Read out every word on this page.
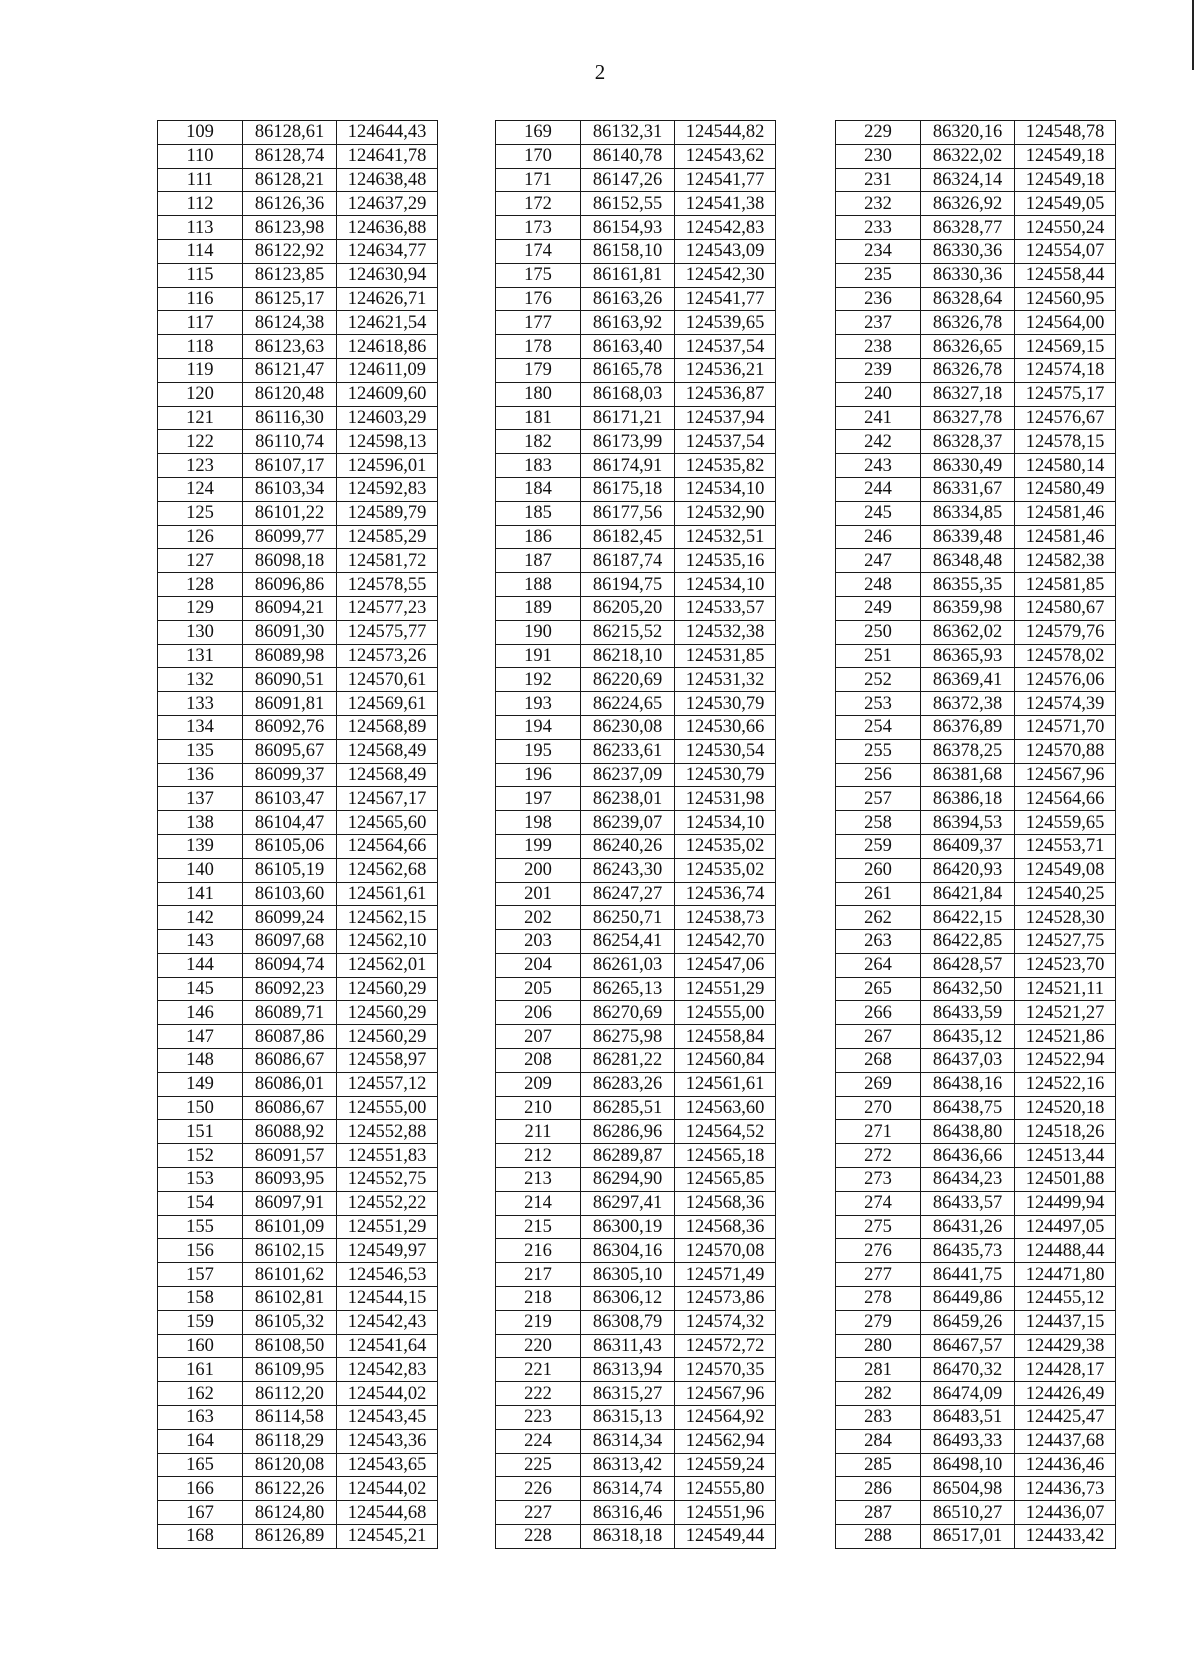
2
109	86128,61	124644,43
110	86128,74	124641,78
111	86128,21	124638,48
112	86126,36	124637,29
113	86123,98	124636,88
114	86122,92	124634,77
115	86123,85	124630,94
116	86125,17	124626,71
117	86124,38	124621,54
118	86123,63	124618,86
119	86121,47	124611,09
120	86120,48	124609,60
121	86116,30	124603,29
122	86110,74	124598,13
123	86107,17	124596,01
124	86103,34	124592,83
125	86101,22	124589,79
126	86099,77	124585,29
127	86098,18	124581,72
128	86096,86	124578,55
129	86094,21	124577,23
130	86091,30	124575,77
131	86089,98	124573,26
132	86090,51	124570,61
133	86091,81	124569,61
134	86092,76	124568,89
135	86095,67	124568,49
136	86099,37	124568,49
137	86103,47	124567,17
138	86104,47	124565,60
139	86105,06	124564,66
140	86105,19	124562,68
141	86103,60	124561,61
142	86099,24	124562,15
143	86097,68	124562,10
144	86094,74	124562,01
145	86092,23	124560,29
146	86089,71	124560,29
147	86087,86	124560,29
148	86086,67	124558,97
149	86086,01	124557,12
150	86086,67	124555,00
151	86088,92	124552,88
152	86091,57	124551,83
153	86093,95	124552,75
154	86097,91	124552,22
155	86101,09	124551,29
156	86102,15	124549,97
157	86101,62	124546,53
158	86102,81	124544,15
159	86105,32	124542,43
160	86108,50	124541,64
161	86109,95	124542,83
162	86112,20	124544,02
163	86114,58	124543,45
164	86118,29	124543,36
165	86120,08	124543,65
166	86122,26	124544,02
167	86124,80	124544,68
168	86126,89	124545,21
169	86132,31	124544,82
170	86140,78	124543,62
171	86147,26	124541,77
172	86152,55	124541,38
173	86154,93	124542,83
174	86158,10	124543,09
175	86161,81	124542,30
176	86163,26	124541,77
177	86163,92	124539,65
178	86163,40	124537,54
179	86165,78	124536,21
180	86168,03	124536,87
181	86171,21	124537,94
182	86173,99	124537,54
183	86174,91	124535,82
184	86175,18	124534,10
185	86177,56	124532,90
186	86182,45	124532,51
187	86187,74	124535,16
188	86194,75	124534,10
189	86205,20	124533,57
190	86215,52	124532,38
191	86218,10	124531,85
192	86220,69	124531,32
193	86224,65	124530,79
194	86230,08	124530,66
195	86233,61	124530,54
196	86237,09	124530,79
197	86238,01	124531,98
198	86239,07	124534,10
199	86240,26	124535,02
200	86243,30	124535,02
201	86247,27	124536,74
202	86250,71	124538,73
203	86254,41	124542,70
204	86261,03	124547,06
205	86265,13	124551,29
206	86270,69	124555,00
207	86275,98	124558,84
208	86281,22	124560,84
209	86283,26	124561,61
210	86285,51	124563,60
211	86286,96	124564,52
212	86289,87	124565,18
213	86294,90	124565,85
214	86297,41	124568,36
215	86300,19	124568,36
216	86304,16	124570,08
217	86305,10	124571,49
218	86306,12	124573,86
219	86308,79	124574,32
220	86311,43	124572,72
221	86313,94	124570,35
222	86315,27	124567,96
223	86315,13	124564,92
224	86314,34	124562,94
225	86313,42	124559,24
226	86314,74	124555,80
227	86316,46	124551,96
228	86318,18	124549,44
229	86320,16	124548,78
230	86322,02	124549,18
231	86324,14	124549,18
232	86326,92	124549,05
233	86328,77	124550,24
234	86330,36	124554,07
235	86330,36	124558,44
236	86328,64	124560,95
237	86326,78	124564,00
238	86326,65	124569,15
239	86326,78	124574,18
240	86327,18	124575,17
241	86327,78	124576,67
242	86328,37	124578,15
243	86330,49	124580,14
244	86331,67	124580,49
245	86334,85	124581,46
246	86339,48	124581,46
247	86348,48	124582,38
248	86355,35	124581,85
249	86359,98	124580,67
250	86362,02	124579,76
251	86365,93	124578,02
252	86369,41	124576,06
253	86372,38	124574,39
254	86376,89	124571,70
255	86378,25	124570,88
256	86381,68	124567,96
257	86386,18	124564,66
258	86394,53	124559,65
259	86409,37	124553,71
260	86420,93	124549,08
261	86421,84	124540,25
262	86422,15	124528,30
263	86422,85	124527,75
264	86428,57	124523,70
265	86432,50	124521,11
266	86433,59	124521,27
267	86435,12	124521,86
268	86437,03	124522,94
269	86438,16	124522,16
270	86438,75	124520,18
271	86438,80	124518,26
272	86436,66	124513,44
273	86434,23	124501,88
274	86433,57	124499,94
275	86431,26	124497,05
276	86435,73	124488,44
277	86441,75	124471,80
278	86449,86	124455,12
279	86459,26	124437,15
280	86467,57	124429,38
281	86470,32	124428,17
282	86474,09	124426,49
283	86483,51	124425,47
284	86493,33	124437,68
285	86498,10	124436,46
286	86504,98	124436,73
287	86510,27	124436,07
288	86517,01	124433,42
